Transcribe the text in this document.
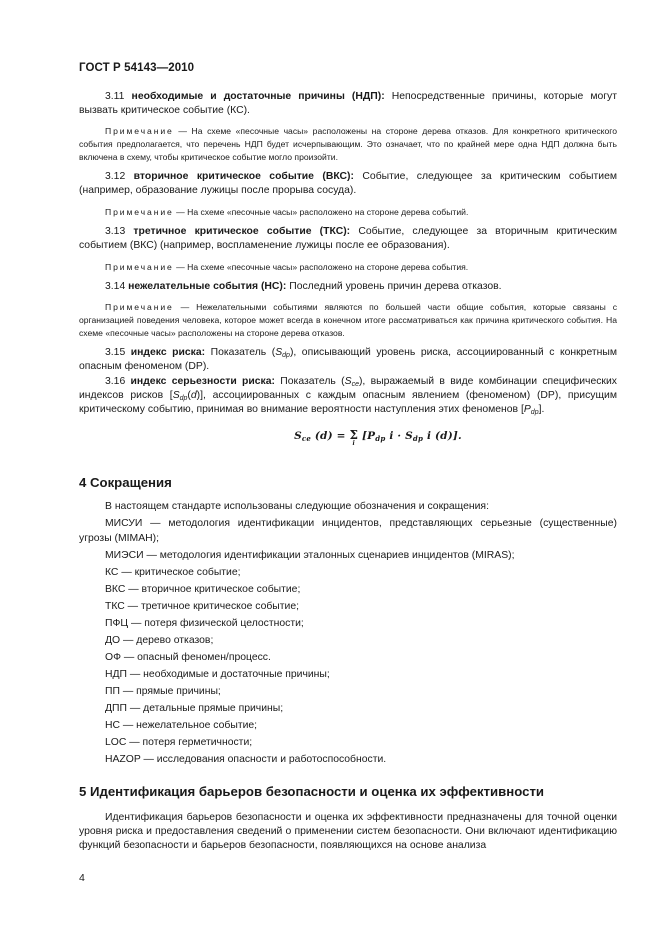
ГОСТ Р 54143—2010

3.11 необходимые и достаточные причины (НДП): Непосредственные причины, которые могут вызвать критическое событие (КС).

Примечание — На схеме «песочные часы» расположены на стороне дерева отказов. Для конкретного критического события предполагается, что перечень НДП будет исчерпывающим. Это означает, что по крайней мере одна НДП должна быть включена в схему, чтобы критическое событие могло произойти.

3.12 вторичное критическое событие (ВКС): Событие, следующее за критическим событием (например, образование лужицы после прорыва сосуда).

Примечание — На схеме «песочные часы» расположено на стороне дерева событий.

3.13 третичное критическое событие (ТКС): Событие, следующее за вторичным критическим событием (ВКС) (например, воспламенение лужицы после ее образования).

Примечание — На схеме «песочные часы» расположено на стороне дерева события.

3.14 нежелательные события (НС): Последний уровень причин дерева отказов.

Примечание — Нежелательными событиями являются по большей части общие события, которые связаны с организацией поведения человека, которое может всегда в конечном итоге рассматриваться как причина критического события. На схеме «песочные часы» расположены на стороне дерева отказов.

3.15 индекс риска: Показатель $(S_{dp})$, описывающий уровень риска, ассоциированный с конкретным опасным феноменом (DP).

3.16 индекс серьезности риска: Показатель $(S_{ce})$, выражаемый в виде комбинации специфических индексов рисков $[S_{dp}(d)]$, ассоциированных с каждым опасным явлением (феноменом) (DP), присущим критическому событию, принимая во внимание вероятности наступления этих феноменов $[P_{dp}]$.

$S_{ce}$ (d) = Σ
i
[$P_{dp}$ $i \cdot S_{dp}$ i (d)].
4 Сокращения

В настоящем стандарте использованы следующие обозначения и сокращения:

МИСУИ — методология идентификации инцидентов, представляющих серьезные (существенные) угрозы (MIMAH);

МИЭСИ — методология идентификации эталонных сценариев инцидентов (MIRAS);

КС — критическое событие;

ВКС — вторичное критическое событие;

ТКС — третичное критическое событие;

ПФЦ — потеря физической целостности;

ДО — дерево отказов;

ОФ — опасный феномен/процесс.

НДП — необходимые и достаточные причины;

ПП — прямые причины;

ДПП — детальные прямые причины;

НС — нежелательное событие;

LOC — потеря герметичности;

HAZOP — исследования опасности и работоспособности.

5 Идентификация барьеров безопасности и оценка их эффективности

Идентификация барьеров безопасности и оценка их эффективности предназначены для точной оценки уровня риска и предоставления сведений о применении систем безопасности. Они включают идентификацию функций безопасности и барьеров безопасности, появляющихся на основе анализа

4
